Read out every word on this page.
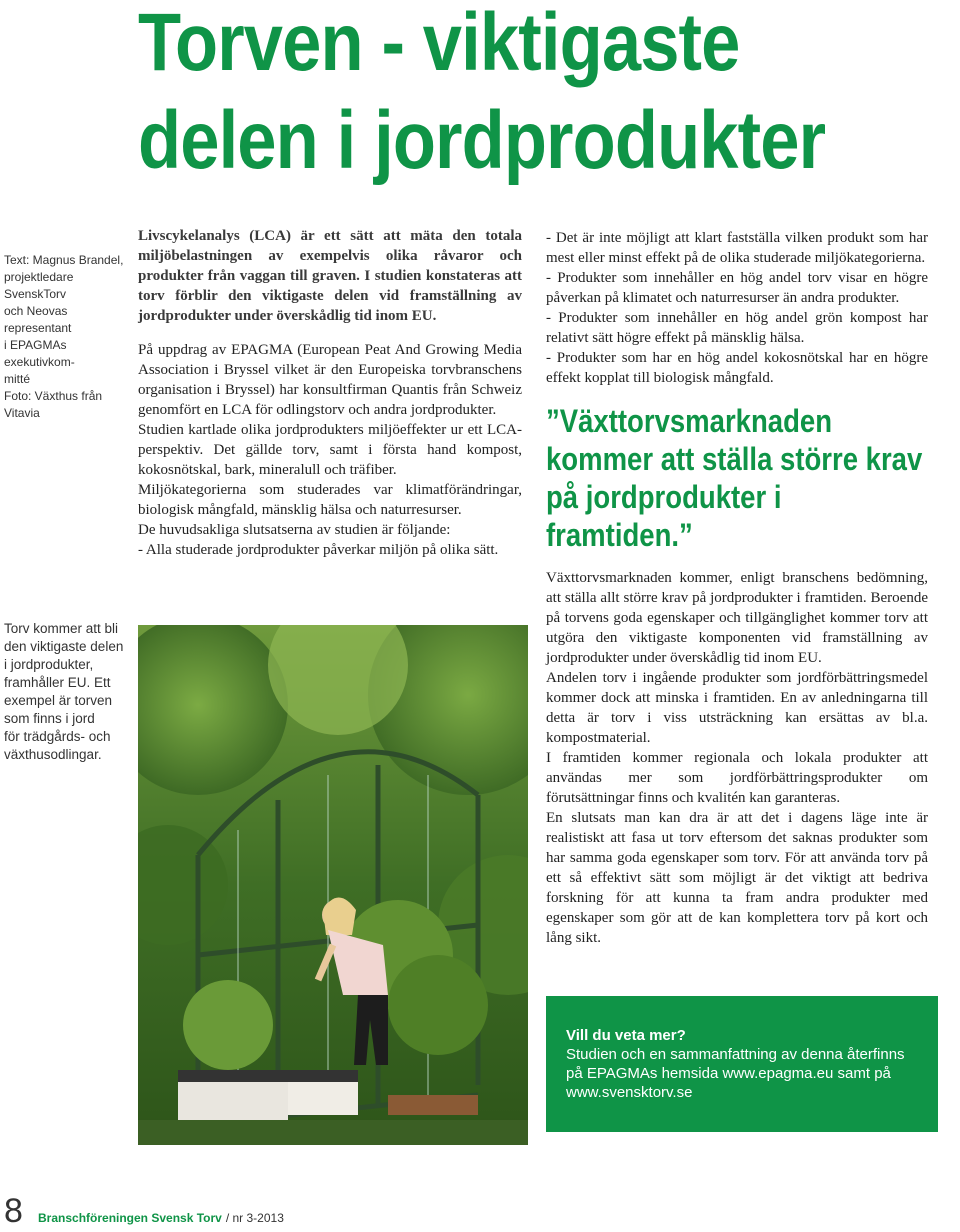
Torven - viktigaste
delen i jordprodukter
Text: Magnus Brandel,
projektledare SvenskTorv
och Neovas representant
i EPAGMAs exekutivkom-
mitté
Foto: Växthus från
Vitavia
Torv kommer att bli
den viktigaste delen
i jordprodukter,
framhåller EU. Ett
exempel är torven
som finns i jord
för trädgårds- och
växthusodlingar.

Livscykelanalys (LCA) är ett sätt att mäta den totala miljöbelastningen av exempelvis olika råvaror och produkter från vaggan till graven. I studien konstateras att torv förblir den viktigaste delen vid framställning av jordprodukter under överskådlig tid inom EU.

På uppdrag av EPAGMA (European Peat And Growing Media Association i Bryssel vilket är den Europeiska torvbranschens organisation i Bryssel) har konsultfirman Quantis från Schweiz genomfört en LCA för odlingstorv och andra jordprodukter.

Studien kartlade olika jordprodukters miljöeffekter ur ett LCA-perspektiv. Det gällde torv, samt i första hand kompost, kokosnötskal, bark, mineralull och träfiber.

Miljökategorierna som studerades var klimatförändringar, biologisk mångfald, mänsklig hälsa och naturresurser.

De huvudsakliga slutsatserna av studien är följande:

- Alla studerade jordprodukter påverkar miljön på olika sätt.

- Det är inte möjligt att klart fastställa vilken produkt som har mest eller minst effekt på de olika studerade miljökategorierna.

- Produkter som innehåller en hög andel torv visar en högre påverkan på klimatet och naturresurser än andra produkter.

- Produkter som innehåller en hög andel grön kompost har relativt sätt högre effekt på mänsklig hälsa.

- Produkter som har en hög andel kokosnötskal har en högre effekt kopplat till biologisk mångfald.

”Växttorvsmarknaden kommer att ställa större krav på jordprodukter i framtiden.”

Växttorvsmarknaden kommer, enligt branschens bedömning, att ställa allt större krav på jordprodukter i framtiden. Beroende på torvens goda egenskaper och tillgänglighet kommer torv att utgöra den viktigaste komponenten vid framställning av jordprodukter under överskådlig tid inom EU.

Andelen torv i ingående produkter som jordförbättringsmedel kommer dock att minska i framtiden. En av anledningarna till detta är torv i viss utsträckning kan ersättas av bl.a. kompostmaterial.

I framtiden kommer regionala och lokala produkter att användas mer som jordförbättringsprodukter om förutsättningar finns och kvalitén kan garanteras.

En slutsats man kan dra är att det i dagens läge inte är realistiskt att fasa ut torv eftersom det saknas produkter som har samma goda egenskaper som torv. För att använda torv på ett så effektivt sätt som möjligt är det viktigt att bedriva forskning för att kunna ta fram andra produkter med egenskaper som gör att de kan komplettera torv på kort och lång sikt.

Vill du veta mer?
Studien och en sammanfattning av denna återfinns på EPAGMAs hemsida www.epagma.eu samt på www.svensktorv.se
8	Branschföreningen Svensk Torv / nr 3-2013
